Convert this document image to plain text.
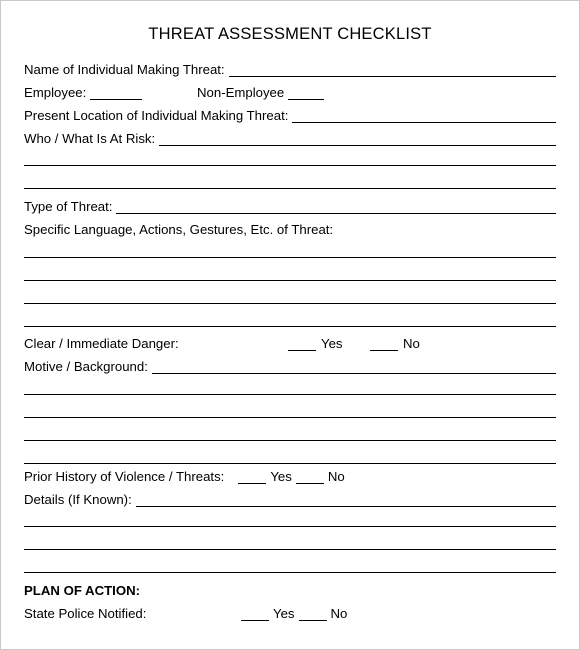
THREAT ASSESSMENT CHECKLIST
Name of Individual Making Threat:
Employee:	Non-Employee
Present Location of Individual Making Threat:
Who / What Is At Risk:
Type of Threat:
Specific Language, Actions, Gestures, Etc. of Threat:
Clear / Immediate Danger:	Yes	No
Motive / Background:
Prior History of Violence / Threats:	Yes	No
Details (If Known):
PLAN OF ACTION:
State Police Notified:	Yes	No
